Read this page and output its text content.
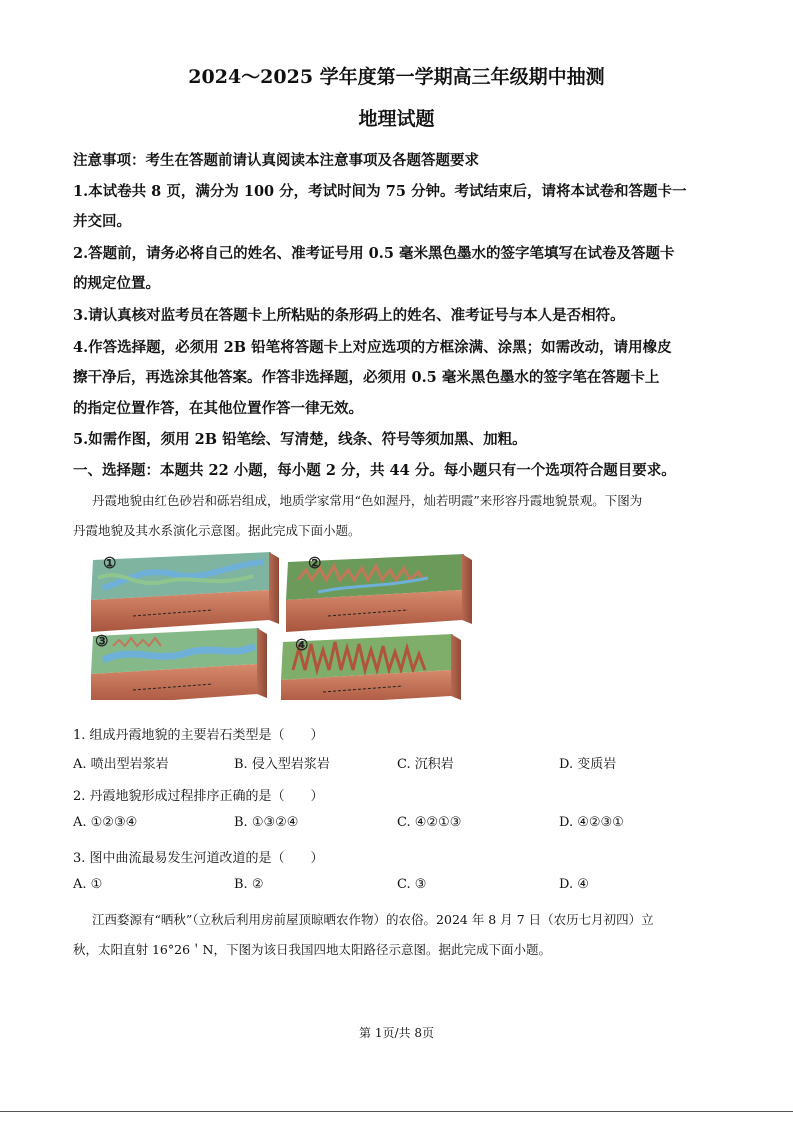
2024～2025 学年度第一学期高三年级期中抽测
地理试题
注意事项：考生在答题前请认真阅读本注意事项及各题答题要求
1.本试卷共 8 页，满分为 100 分，考试时间为 75 分钟。考试结束后，请将本试卷和答题卡一
并交回。
2.答题前，请务必将自己的姓名、准考证号用 0.5 毫米黑色墨水的签字笔填写在试卷及答题卡
的规定位置。
3.请认真核对监考员在答题卡上所粘贴的条形码上的姓名、准考证号与本人是否相符。
4.作答选择题，必须用 2B 铅笔将答题卡上对应选项的方框涂满、涂黑；如需改动，请用橡皮
擦干净后，再选涂其他答案。作答非选择题，必须用 0.5 毫米黑色墨水的签字笔在答题卡上
的指定位置作答，在其他位置作答一律无效。
5.如需作图，须用 2B 铅笔绘、写清楚，线条、符号等须加黑、加粗。
一、选择题：本题共 22 小题，每小题 2 分，共 44 分。每小题只有一个选项符合题目要求。
丹霞地貌由红色砂岩和砾岩组成，地质学家常用“色如渥丹，灿若明霞”来形容丹霞地貌景观。下图为
丹霞地貌及其水系演化示意图。据此完成下面小题。
①	②
③	④
1. 组成丹霞地貌的主要岩石类型是（　　）
A. 喷出型岩浆岩	B. 侵入型岩浆岩	C. 沉积岩	D. 变质岩
2. 丹霞地貌形成过程排序正确的是（　　）
A. ①②③④	B. ①③②④	C. ④②①③	D. ④②③①
3. 图中曲流最易发生河道改道的是（　　）
A. ①	B. ②	C. ③	D. ④
江西婺源有“晒秋”（立秋后利用房前屋顶晾晒农作物）的农俗。2024 年 8 月 7 日（农历七月初四）立
秋，太阳直射 16°26＇N，下图为该日我国四地太阳路径示意图。据此完成下面小题。
第 1页/共 8页
